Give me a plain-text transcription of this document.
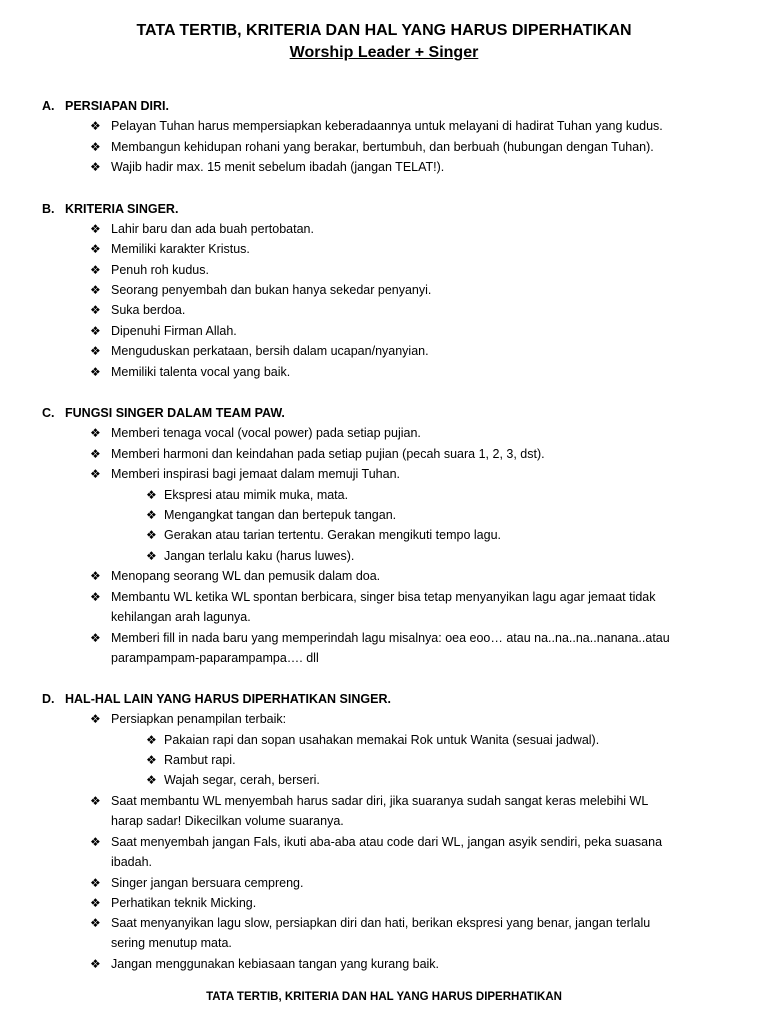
TATA TERTIB, KRITERIA DAN HAL YANG HARUS DIPERHATIKAN
Worship Leader + Singer
A. PERSIAPAN DIRI.
❖ Pelayan Tuhan harus mempersiapkan keberadaannya untuk melayani di hadirat Tuhan yang kudus.
❖ Membangun kehidupan rohani yang berakar, bertumbuh, dan berbuah (hubungan dengan Tuhan).
❖ Wajib hadir max. 15 menit sebelum ibadah (jangan TELAT!).
B. KRITERIA SINGER.
❖ Lahir baru dan ada buah pertobatan.
❖ Memiliki karakter Kristus.
❖ Penuh roh kudus.
❖ Seorang penyembah dan bukan hanya sekedar penyanyi.
❖ Suka berdoa.
❖ Dipenuhi Firman Allah.
❖ Menguduskan perkataan, bersih dalam ucapan/nyanyian.
❖ Memiliki talenta vocal yang baik.
C. FUNGSI SINGER DALAM TEAM PAW.
❖ Memberi tenaga vocal (vocal power) pada setiap pujian.
❖ Memberi harmoni dan keindahan pada setiap pujian (pecah suara 1, 2, 3, dst).
❖ Memberi inspirasi bagi jemaat dalam memuji Tuhan.
❖ Ekspresi atau mimik muka, mata.
❖ Mengangkat tangan dan bertepuk tangan.
❖ Gerakan atau tarian tertentu. Gerakan mengikuti tempo lagu.
❖ Jangan terlalu kaku (harus luwes).
❖ Menopang seorang WL dan pemusik dalam doa.
❖ Membantu WL ketika WL spontan berbicara, singer bisa tetap menyanyikan lagu agar jemaat tidak
kehilangan arah lagunya.
❖ Memberi fill in nada baru yang memperindah lagu misalnya: oea eoo… atau na..na..na..nanana..atau
parampampam-paparampampa…. dll
D. HAL-HAL LAIN YANG HARUS DIPERHATIKAN SINGER.
❖ Persiapkan penampilan terbaik:
❖ Pakaian rapi dan sopan usahakan memakai Rok untuk Wanita (sesuai jadwal).
❖ Rambut rapi.
❖ Wajah segar, cerah, berseri.
❖ Saat membantu WL menyembah harus sadar diri, jika suaranya sudah sangat keras melebihi WL
harap sadar! Dikecilkan volume suaranya.
❖ Saat menyembah jangan Fals, ikuti aba-aba atau code dari WL, jangan asyik sendiri, peka suasana
ibadah.
❖ Singer jangan bersuara cempreng.
❖ Perhatikan teknik Micking.
❖ Saat menyanyikan lagu slow, persiapkan diri dan hati, berikan ekspresi yang benar, jangan terlalu
sering menutup mata.
❖ Jangan menggunakan kebiasaan tangan yang kurang baik.
TATA TERTIB, KRITERIA DAN HAL YANG HARUS DIPERHATIKAN
